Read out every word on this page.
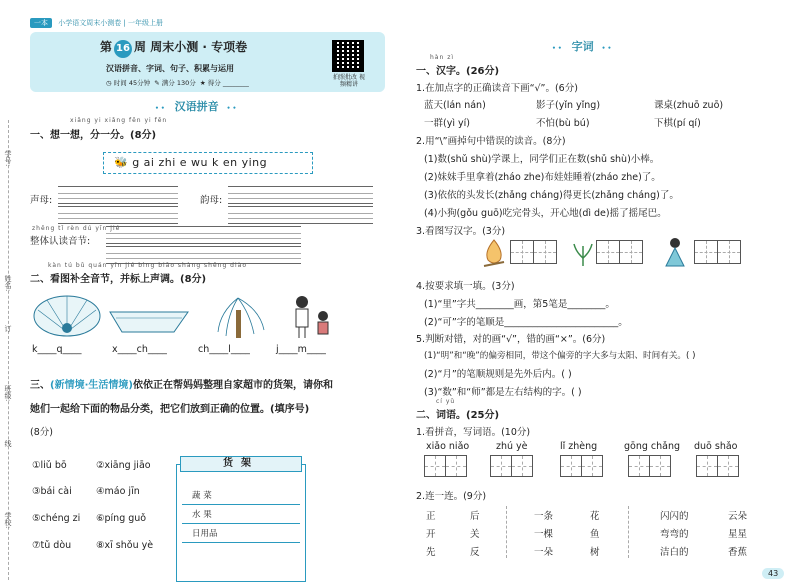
一本 小学语文周末小测卷 | 一年级上册
第 16 周 周末小测 · 专项卷
汉语拼音、字词、句子、积累与运用
◷ 时间 45分钟 ✎ 满分 130分 ★ 得分 ________
拍照批改 视频精讲
•• 汉语拼音 ••
xiǎng yi xiǎng fēn yi fēn
一、想一想，分一分。(8分)
🐝 g ai zhi e wu k en ying
声母:	韵母:
zhěng tǐ rèn dú yīn jié
整体认读音节:
kàn tú bǔ quán yīn jié bìng biāo shàng shēng diào
二、看图补全音节，并标上声调。(8分)
k____q____	x____ch____	ch____l____	j____m____
三、(新情境·生活情境)依依正在帮妈妈整理自家超市的货架，请你和
她们一起给下面的物品分类，把它们放到正确的位置。(填序号)
(8分)
①liǔ bō	②xiāng jiāo
③bái cài	④máo jīn
⑤chéng zi ⑥píng guǒ
⑦tǔ dòu	⑧xī shǒu yè
货架
蔬 菜
水 果
日用品
学号:
姓名:
班级:
学校:
订
线
•• 字词 ••
hàn zì
一、汉字。(26分)
1.在加点字的正确读音下画“√”。(6分)
蓝天(lán nán)	影子(yǐn yǐng)	课桌(zhuō zuō)
一群(yì yí)	不怕(bù bú)	下棋(pí qí)
2.用“\”画掉句中错误的读音。(8分)
(1)数(shǔ shù)学课上，同学们正在数(shǔ shù)小棒。
(2)妹妹手里拿着(zháo zhe)布娃娃睡着(zháo zhe)了。
(3)依依的头发长(zhǎng cháng)得更长(zhǎng cháng)了。
(4)小狗(gǒu guō)吃完骨头，开心地(dì de)摇了摇尾巴。
3.看图写汉字。(3分)
4.按要求填一填。(3分)
(1)“里”字共________画，第5笔是________。
(2)“可”字的笔顺是________________________。
5.判断对错，对的画“√”，错的画“×”。(6分)
(1)“明”和“晚”的偏旁相同，带这个偏旁的字大多与太阳、时间有关。( )
(2)“月”的笔顺规则是先外后内。( )
(3)“数”和“师”都是左右结构的字。( )
cí yǔ
二、词语。(25分)
1.看拼音，写词语。(10分)
xiǎo niǎo	zhú yè	lǐ zhèng	gōng chǎng duō shǎo
2.连一连。(9分)
正	后
开	关
先	反
一条	花
一棵	鱼
一朵	树
闪闪的	云朵
弯弯的	星星
洁白的	香蕉
43
